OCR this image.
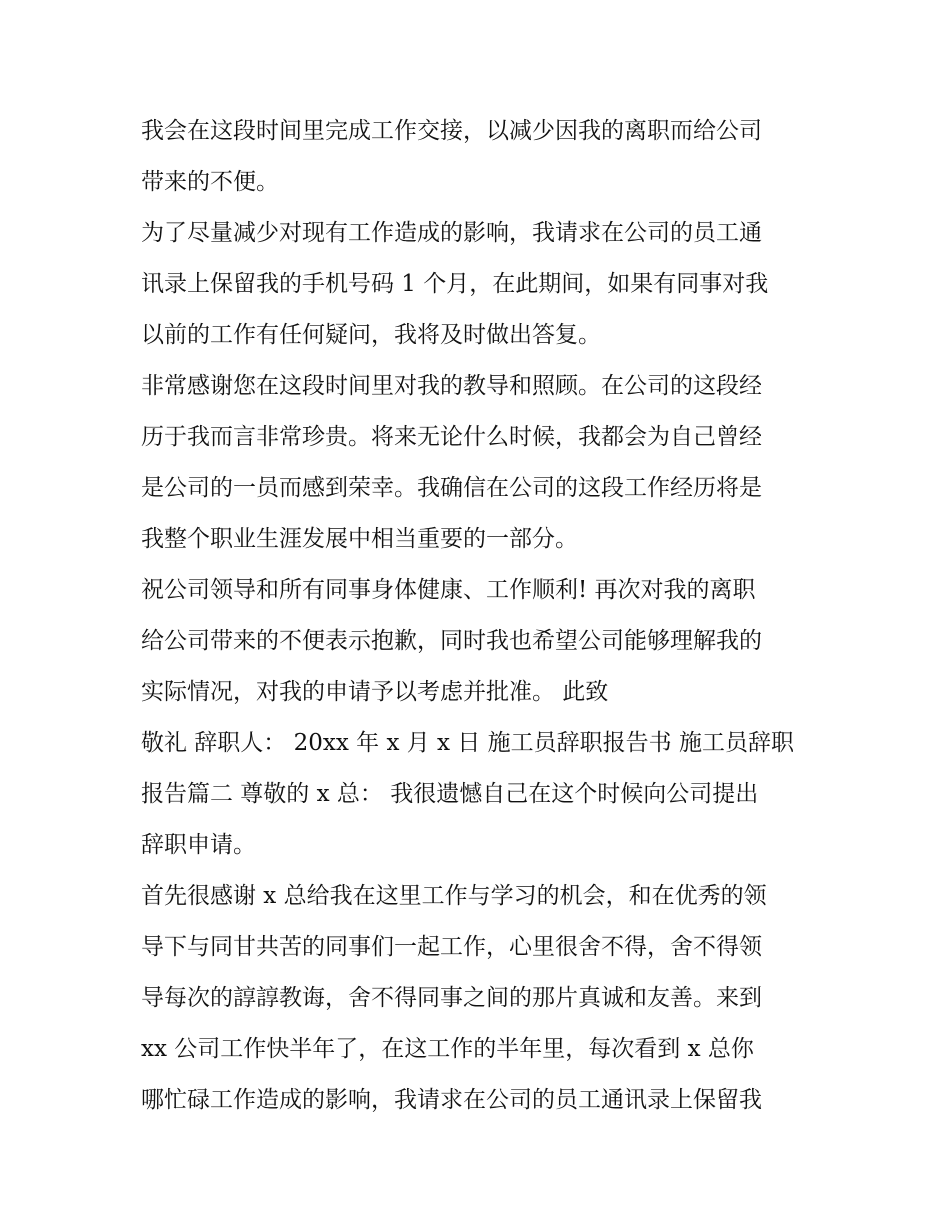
我会在这段时间里完成工作交接，以减少因我的离职而给公司
带来的不便。
为了尽量减少对现有工作造成的影响，我请求在公司的员工通
讯录上保留我的手机号码 1 个月，在此期间，如果有同事对我
以前的工作有任何疑问，我将及时做出答复。
非常感谢您在这段时间里对我的教导和照顾。在公司的这段经
历于我而言非常珍贵。将来无论什么时候，我都会为自己曾经
是公司的一员而感到荣幸。我确信在公司的这段工作经历将是
我整个职业生涯发展中相当重要的一部分。
祝公司领导和所有同事身体健康、工作顺利! 再次对我的离职
给公司带来的不便表示抱歉，同时我也希望公司能够理解我的
实际情况，对我的申请予以考虑并批准。 此致
敬礼 辞职人： 20xx 年 x 月 x 日 施工员辞职报告书 施工员辞职
报告篇二 尊敬的 x 总： 我很遗憾自己在这个时候向公司提出
辞职申请。
首先很感谢 x 总给我在这里工作与学习的机会，和在优秀的领
导下与同甘共苦的同事们一起工作，心里很舍不得，舍不得领
导每次的諄諄教诲，舍不得同事之间的那片真诚和友善。来到
xx 公司工作快半年了，在这工作的半年里，每次看到 x 总你
哪忙碌工作造成的影响，我请求在公司的员工通讯录上保留我
